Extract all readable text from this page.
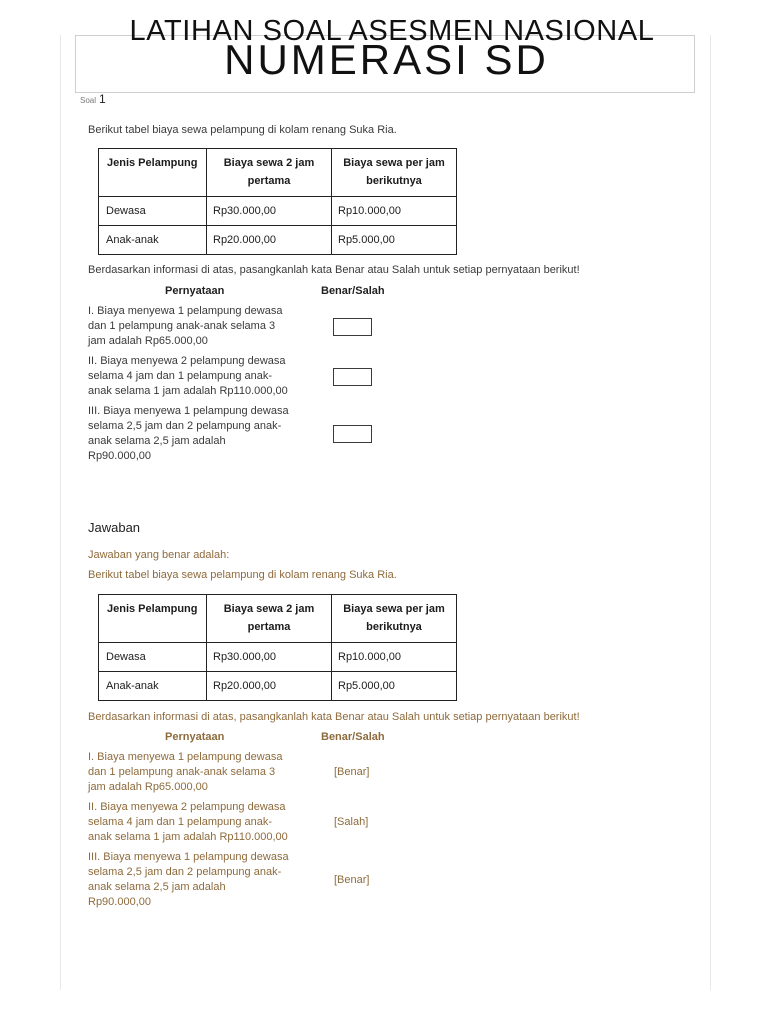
LATIHAN SOAL ASESMEN NASIONAL
NUMERASI SD
Soal 1
Berikut tabel biaya sewa pelampung di kolam renang Suka Ria.
Jenis Pelampung	Biaya sewa 2 jam pertama	Biaya sewa per jam berikutnya
Dewasa	Rp30.000,00	Rp10.000,00
Anak-anak	Rp20.000,00	Rp5.000,00
Berdasarkan informasi di atas, pasangkanlah kata Benar atau Salah untuk setiap pernyataan berikut!
Pernyataan	Benar/Salah
I. Biaya menyewa 1 pelampung dewasa
dan 1 pelampung anak-anak selama 3
jam adalah Rp65.000,00
II. Biaya menyewa 2 pelampung dewasa
selama 4 jam dan 1 pelampung anak-
anak selama 1 jam adalah Rp110.000,00
III. Biaya menyewa 1 pelampung dewasa
selama 2,5 jam dan 2 pelampung anak-
anak selama 2,5 jam adalah
Rp90.000,00
Jawaban
Jawaban yang benar adalah:
Berikut tabel biaya sewa pelampung di kolam renang Suka Ria.
Jenis Pelampung	Biaya sewa 2 jam pertama	Biaya sewa per jam berikutnya
Dewasa	Rp30.000,00	Rp10.000,00
Anak-anak	Rp20.000,00	Rp5.000,00
Berdasarkan informasi di atas, pasangkanlah kata Benar atau Salah untuk setiap pernyataan berikut!
Pernyataan	Benar/Salah
I. Biaya menyewa 1 pelampung dewasa
dan 1 pelampung anak-anak selama 3
jam adalah Rp65.000,00
[Benar]
II. Biaya menyewa 2 pelampung dewasa
selama 4 jam dan 1 pelampung anak-
anak selama 1 jam adalah Rp110.000,00
[Salah]
III. Biaya menyewa 1 pelampung dewasa
selama 2,5 jam dan 2 pelampung anak-
anak selama 2,5 jam adalah
Rp90.000,00
[Benar]
